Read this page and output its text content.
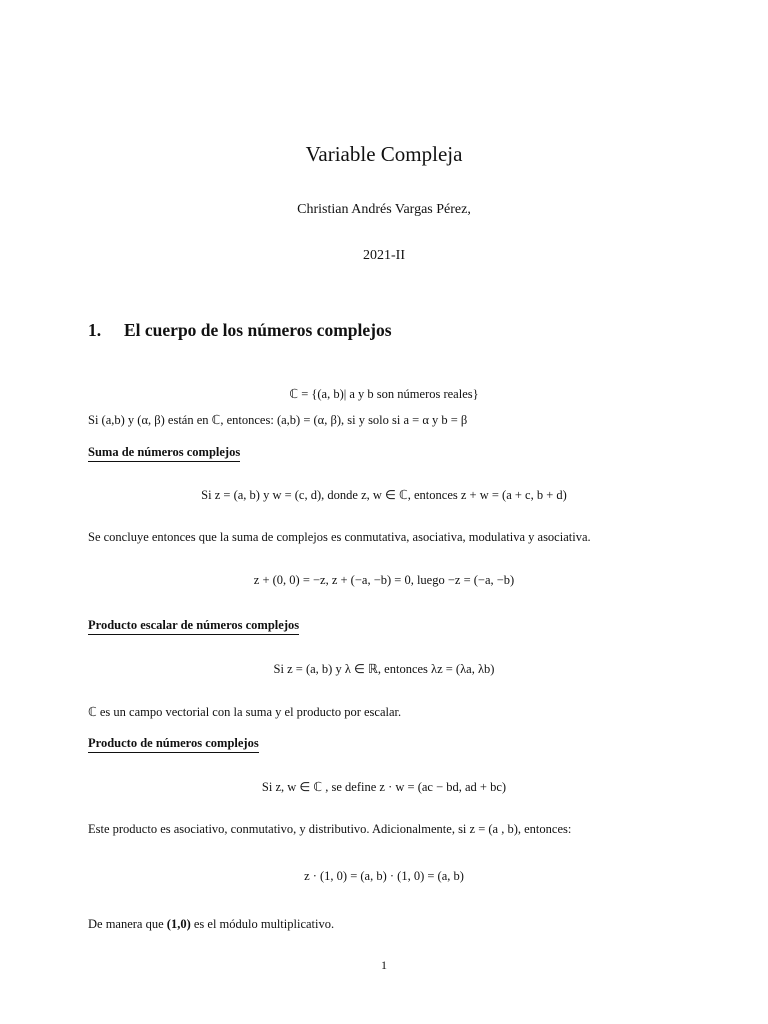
Variable Compleja
Christian Andrés Vargas Pérez,
2021-II
1. El cuerpo de los números complejos
ℂ = {(a, b)| a y b son números reales}
Si (a,b) y (α, β) están en ℂ, entonces: (a,b) = (α, β), si y solo si a = α y b = β
Suma de números complejos
Si z = (a, b) y w = (c, d), donde z, w ∈ ℂ, entonces z + w = (a + c, b + d)
Se concluye entonces que la suma de complejos es conmutativa, asociativa, modulativa y asociativa.
z + (0, 0) = −z, z + (−a, −b) = 0, luego −z = (−a, −b)
Producto escalar de números complejos
Si z = (a, b) y λ ∈ ℝ, entonces λz = (λa, λb)
ℂ es un campo vectorial con la suma y el producto por escalar.
Producto de números complejos
Si z, w ∈ ℂ , se define z · w = (ac − bd, ad + bc)
Este producto es asociativo, conmutativo, y distributivo. Adicionalmente, si z = (a , b), entonces:
z · (1, 0) = (a, b) · (1, 0) = (a, b)
De manera que (1,0) es el módulo multiplicativo.
1
